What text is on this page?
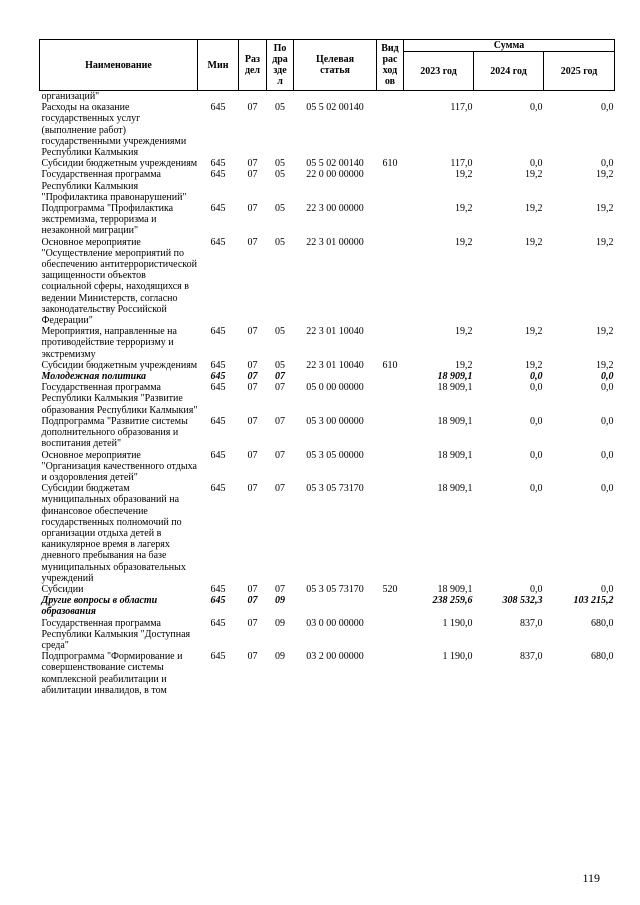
Наименование	Мин	Раз дел	По дра зде л	Целевая статья	Вид рас ход ов	Сумма		
						2023 год	2024 год	2025 год
организаций"								
Расходы на оказание государственных услуг (выполнение работ) государственными учреждениями Республики Калмыкия	645	07	05	05 5 02 00140		117,0	0,0	0,0
Субсидии бюджетным учреждениям	645	07	05	05 5 02 00140	610	117,0	0,0	0,0
Государственная программа Республики Калмыкия "Профилактика правонарушений"	645	07	05	22 0 00 00000		19,2	19,2	19,2
Подпрограмма "Профилактика экстремизма, терроризма и незаконной миграции"	645	07	05	22 3 00 00000		19,2	19,2	19,2
Основное мероприятие "Осуществление мероприятий по обеспечению антитеррористической защищенности объектов социальной сферы, находящихся в ведении Министерств, согласно законодательству Российской Федерации"	645	07	05	22 3 01 00000		19,2	19,2	19,2
Мероприятия, направленные на противодействие терроризму и экстремизму	645	07	05	22 3 01 10040		19,2	19,2	19,2
Субсидии бюджетным учреждениям	645	07	05	22 3 01 10040	610	19,2	19,2	19,2
Молодежная политика	645	07	07			18 909,1	0,0	0,0
Государственная программа Республики Калмыкия "Развитие образования Республики Калмыкия"	645	07	07	05 0 00 00000		18 909,1	0,0	0,0
Подпрограмма "Развитие системы дополнительного образования и воспитания детей"	645	07	07	05 3 00 00000		18 909,1	0,0	0,0
Основное мероприятие "Организация качественного отдыха и оздоровления детей"	645	07	07	05 3 05 00000		18 909,1	0,0	0,0
Субсидии бюджетам муниципальных образований на финансовое обеспечение государственных полномочий по организации отдыха детей в каникулярное время в лагерях дневного пребывания на базе муниципальных образовательных учреждений	645	07	07	05 3 05 73170		18 909,1	0,0	0,0
Субсидии	645	07	07	05 3 05 73170	520	18 909,1	0,0	0,0
Другие вопросы в области образования	645	07	09			238 259,6	308 532,3	103 215,2
Государственная программа Республики Калмыкия "Доступная среда"	645	07	09	03 0 00 00000		1 190,0	837,0	680,0
Подпрограмма "Формирование и совершенствование системы комплексной реабилитации и абилитации инвалидов, в том	645	07	09	03 2 00 00000		1 190,0	837,0	680,0
119
